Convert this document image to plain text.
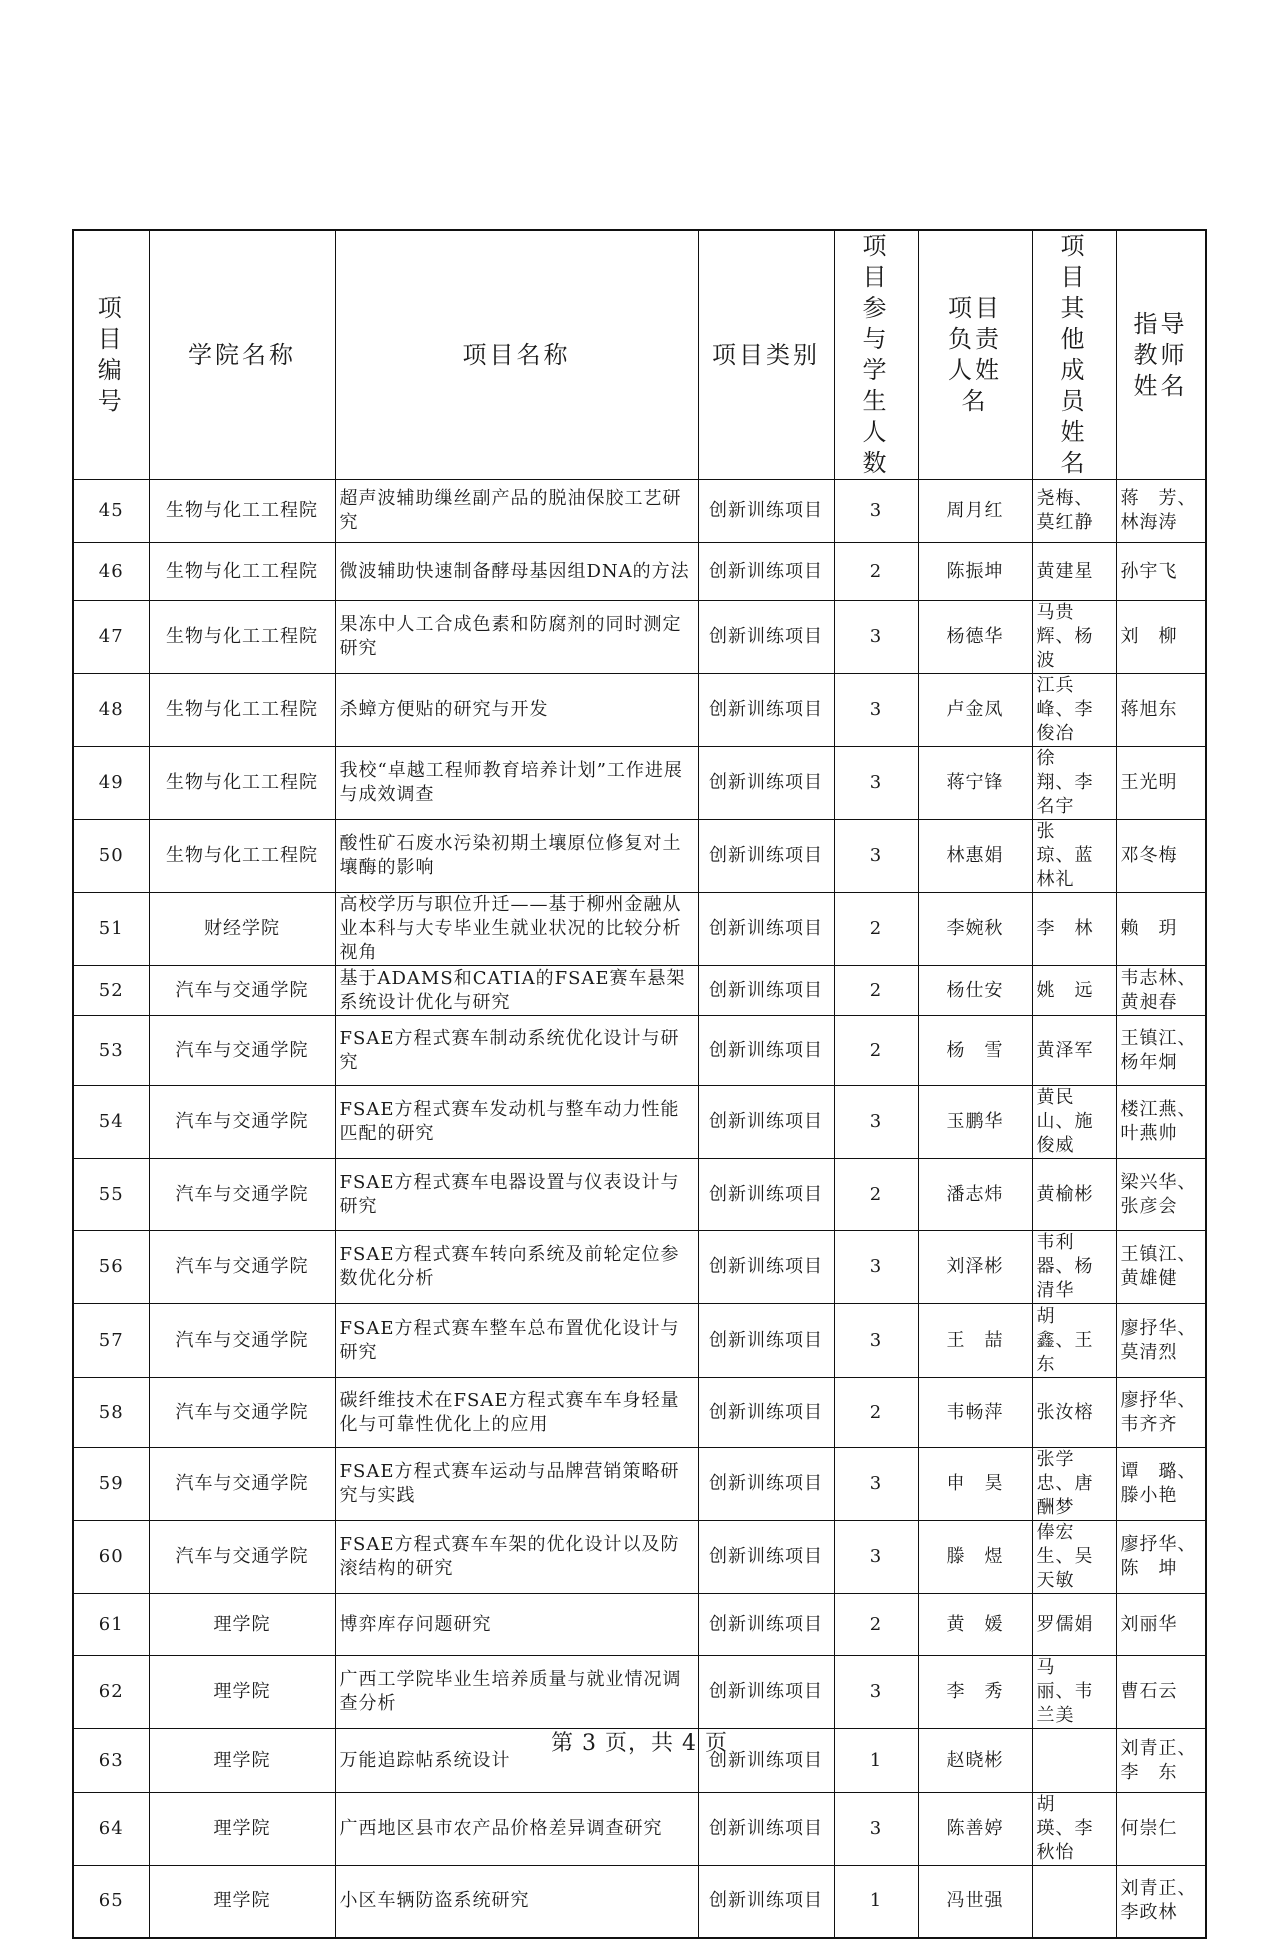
项目编号	学院名称	项目名称	项目类别	项目参与学生人数	项目负责人姓名	项目其他成员姓名	指导教师姓名

45	生物与化工工程院	超声波辅助缫丝副产品的脱油保胶工艺研究	创新训练项目	3	周月红	尧梅、莫红静	蒋　芳、林海涛
46	生物与化工工程院	微波辅助快速制备酵母基因组DNA的方法	创新训练项目	2	陈振坤	黄建星	孙宇飞
47	生物与化工工程院	果冻中人工合成色素和防腐剂的同时测定研究	创新训练项目	3	杨德华	马贵辉、杨　波	刘　柳
48	生物与化工工程院	杀蟑方便贴的研究与开发	创新训练项目	3	卢金凤	江兵峰、李俊冶	蒋旭东
49	生物与化工工程院	我校“卓越工程师教育培养计划”工作进展与成效调查	创新训练项目	3	蒋宁锋	徐　翔、李名宇	王光明
50	生物与化工工程院	酸性矿石废水污染初期土壤原位修复对土壤酶的影响	创新训练项目	3	林惠娟	张　琼、蓝林礼	邓冬梅
51	财经学院	高校学历与职位升迁——基于柳州金融从业本科与大专毕业生就业状况的比较分析视角	创新训练项目	2	李婉秋	李　林	赖　玥
52	汽车与交通学院	基于ADAMS和CATIA的FSAE赛车悬架系统设计优化与研究	创新训练项目	2	杨仕安	姚　远	韦志林、黄昶春
53	汽车与交通学院	FSAE方程式赛车制动系统优化设计与研究	创新训练项目	2	杨　雪	黄泽军	王镇江、杨年炯
54	汽车与交通学院	FSAE方程式赛车发动机与整车动力性能匹配的研究	创新训练项目	3	玉鹏华	黄民山、施俊威	楼江燕、叶燕帅
55	汽车与交通学院	FSAE方程式赛车电器设置与仪表设计与研究	创新训练项目	2	潘志炜	黄榆彬	梁兴华、张彦会
56	汽车与交通学院	FSAE方程式赛车转向系统及前轮定位参数优化分析	创新训练项目	3	刘泽彬	韦利器、杨清华	王镇江、黄雄健
57	汽车与交通学院	FSAE方程式赛车整车总布置优化设计与研究	创新训练项目	3	王　喆	胡　鑫、王　东	廖抒华、莫清烈
58	汽车与交通学院	碳纤维技术在FSAE方程式赛车车身轻量化与可靠性优化上的应用	创新训练项目	2	韦畅萍	张汝榕	廖抒华、韦齐齐
59	汽车与交通学院	FSAE方程式赛车运动与品牌营销策略研究与实践	创新训练项目	3	申　昊	张学忠、唐酬梦	谭　璐、滕小艳
60	汽车与交通学院	FSAE方程式赛车车架的优化设计以及防滚结构的研究	创新训练项目	3	滕　煜	俸宏生、吴天敏	廖抒华、陈　坤
61	理学院	博弈库存问题研究	创新训练项目	2	黄　媛	罗儒娟	刘丽华
62	理学院	广西工学院毕业生培养质量与就业情况调查分析	创新训练项目	3	李　秀	马　丽、韦兰美	曹石云
63	理学院	万能追踪帖系统设计	创新训练项目	1	赵晓彬		刘青正、李　东
64	理学院	广西地区县市农产品价格差异调查研究	创新训练项目	3	陈善婷	胡　瑛、李秋怡	何崇仁
65	理学院	小区车辆防盗系统研究	创新训练项目	1	冯世强		刘青正、李政林
第 3 页，共 4 页
